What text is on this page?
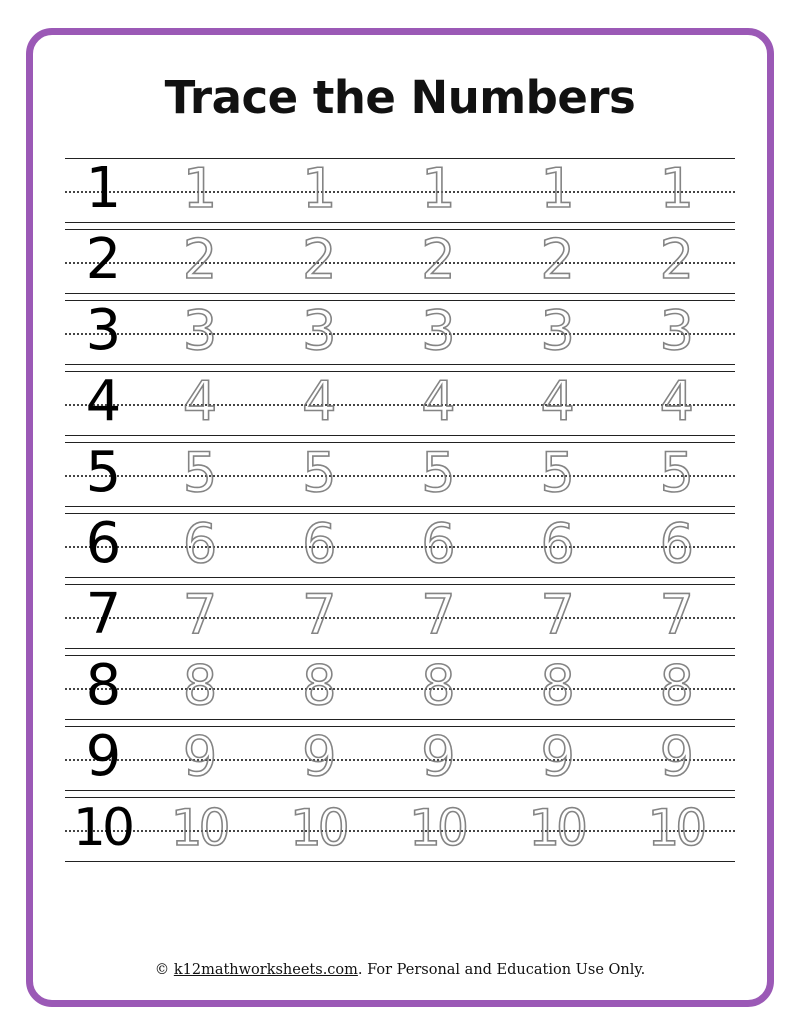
Trace the Numbers
1 1 1 1 1 1
2 2 2 2 2 2
3 3 3 3 3 3
4 4 4 4 4 4
5 5 5 5 5 5
6 6 6 6 6 6
7 7 7 7 7 7
8 8 8 8 8 8
9 9 9 9 9 9
10 10 10 10 10 10
© k12mathworksheets.com. For Personal and Education Use Only.
